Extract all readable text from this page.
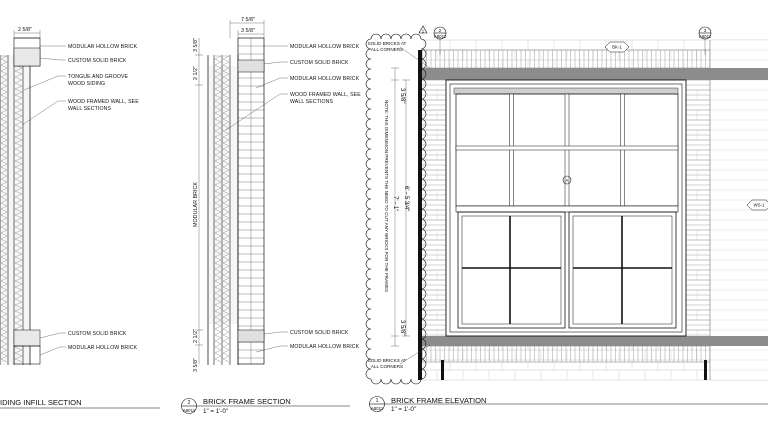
2 5/8"
MODULAR HOLLOW BRICK
CUSTOM SOLID BRICK
TONGUE AND GROOVE
WOOD SIDING
WOOD FRAMED WALL, SEE
WALL SECTIONS
CUSTOM SOLID BRICK
MODULAR HOLLOW BRICK
IDING INFILL SECTION
7 5/8"
3 5/8"
3 5/8"
2 1/2"
MODULAR BRICK
2 1/2"
3 5/8"
MODULAR HOLLOW BRICK
CUSTOM SOLID BRICK
MODULAR HOLLOW BRICK
WOOD FRAMED WALL, SEE
WALL SECTIONS
CUSTOM SOLID BRICK
MODULAR HOLLOW BRICK
2
A8011
BRICK FRAME SECTION
1" = 1'-0"
A
1
SOLID BRICKS AT
ALL CORNERS
SOLID BRICKS AT
ALL CORNERS
3 5/8"
7' - 1" 6' - 5 3/4"
3 5/8"
NOTE: THIS DIMENSION PREVENTS THE NEED TO CUT ANY BRICKS FOR THE FRAMES
2
A8011
3
A8011
BK-1
WS-1
1
A8011
BRICK FRAME ELEVATION
1" = 1'-0"
